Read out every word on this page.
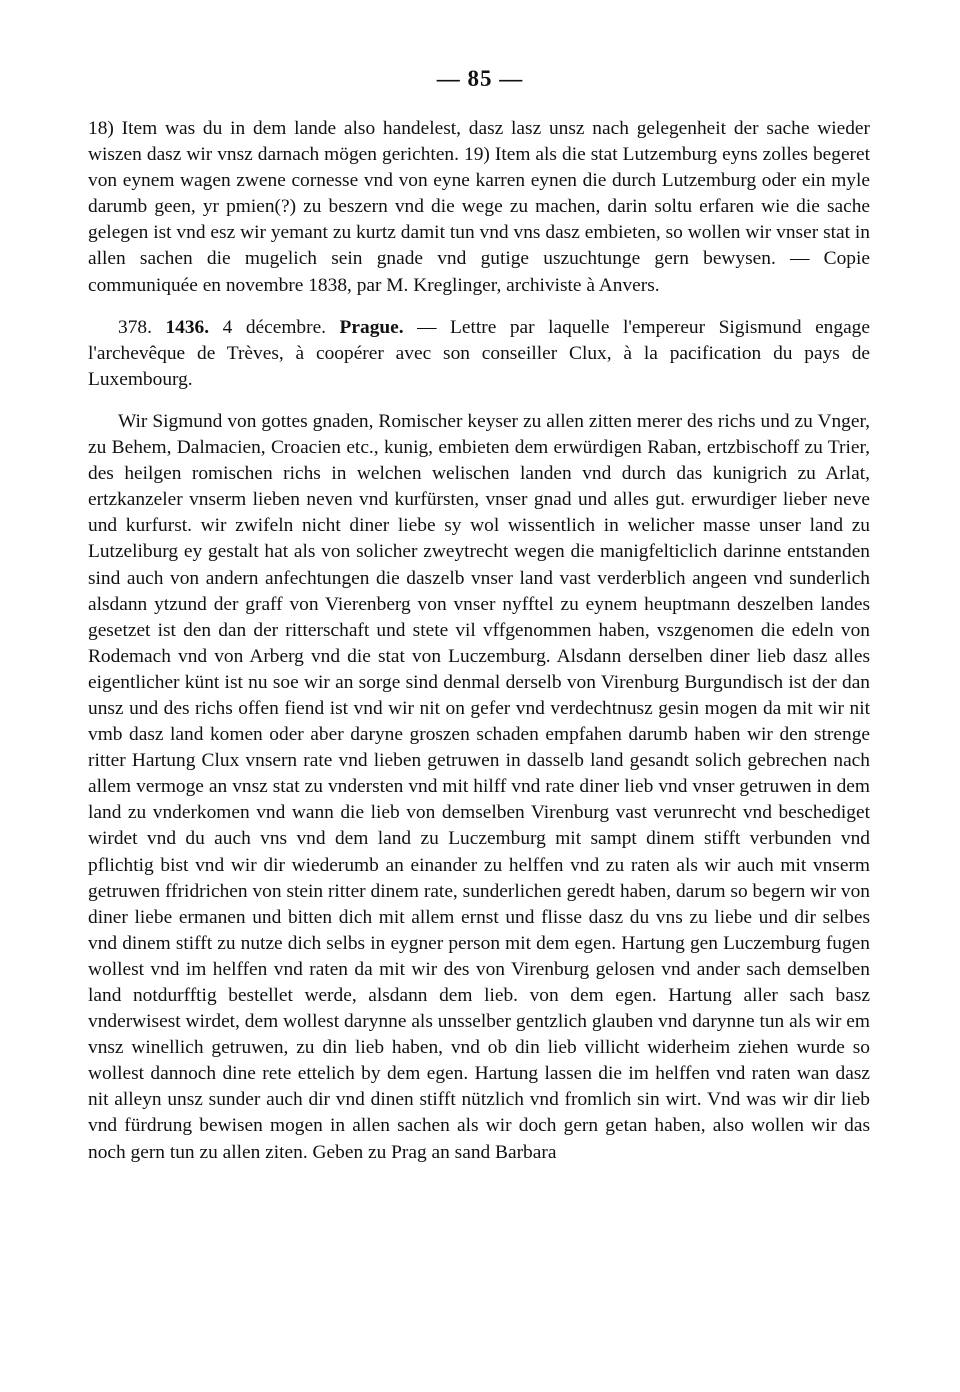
— 85 —

18) Item was du in dem lande also handelest, dasz lasz unsz nach gelegenheit der sache wieder wiszen dasz wir vnsz darnach mögen gerichten. 19) Item als die stat Lutzemburg eyns zolles begeret von eynem wagen zwene cornesse vnd von eyne karren eynen die durch Lutzemburg oder ein myle darumb geen, yr pmien(?) zu beszern vnd die wege zu machen, darin soltu erfaren wie die sache gelegen ist vnd esz wir yemant zu kurtz damit tun vnd vns dasz embieten, so wollen wir vnser stat in allen sachen die mugelich sein gnade vnd gutige uszuchtunge gern bewysen. — Copie communiquée en novembre 1838, par M. Kreglinger, archiviste à Anvers.

378. 1436. 4 décembre. Prague. — Lettre par laquelle l'empereur Sigismund engage l'archevêque de Trèves, à coopérer avec son conseiller Clux, à la pacification du pays de Luxembourg.

Wir Sigmund von gottes gnaden, Romischer keyser zu allen zitten merer des richs und zu Vnger, zu Behem, Dalmacien, Croacien etc., kunig, embieten dem erwürdigen Raban, ertzbischoff zu Trier, des heilgen romischen richs in welchen welischen landen vnd durch das kunigrich zu Arlat, ertzkanzeler vnserm lieben neven vnd kurfürsten, vnser gnad und alles gut. erwurdiger lieber neve und kurfurst. wir zwifeln nicht diner liebe sy wol wissentlich in welicher masse unser land zu Lutzeliburg ey gestalt hat als von solicher zweytrecht wegen die manigfelticlich darinne entstanden sind auch von andern anfechtungen die daszelb vnser land vast verderblich angeen vnd sunderlich alsdann ytzund der graff von Vierenberg von vnser nyfftel zu eynem heuptmann deszelben landes gesetzet ist den dan der ritterschaft und stete vil vffgenommen haben, vszgenomen die edeln von Rodemach vnd von Arberg vnd die stat von Luczemburg. Alsdann derselben diner lieb dasz alles eigentlicher künt ist nu soe wir an sorge sind denmal derselb von Virenburg Burgundisch ist der dan unsz und des richs offen fiend ist vnd wir nit on gefer vnd verdechtnusz gesin mogen da mit wir nit vmb dasz land komen oder aber daryne groszen schaden empfahen darumb haben wir den strenge ritter Hartung Clux vnsern rate vnd lieben getruwen in dasselb land gesandt solich gebrechen nach allem vermoge an vnsz stat zu vndersten vnd mit hilff vnd rate diner lieb vnd vnser getruwen in dem land zu vnderkomen vnd wann die lieb von demselben Virenburg vast verunrecht vnd beschediget wirdet vnd du auch vns vnd dem land zu Luczemburg mit sampt dinem stifft verbunden vnd pflichtig bist vnd wir dir wiederumb an einander zu helffen vnd zu raten als wir auch mit vnserm getruwen ffridrichen von stein ritter dinem rate, sunderlichen geredt haben, darum so begern wir von diner liebe ermanen und bitten dich mit allem ernst und flisse dasz du vns zu liebe und dir selbes vnd dinem stifft zu nutze dich selbs in eygner person mit dem egen. Hartung gen Luczemburg fugen wollest vnd im helffen vnd raten da mit wir des von Virenburg gelosen vnd ander sach demselben land notdurfftig bestellet werde, alsdann dem lieb. von dem egen. Hartung aller sach basz vnderwisest wirdet, dem wollest darynne als unsselber gentzlich glauben vnd darynne tun als wir em vnsz winellich getruwen, zu din lieb haben, vnd ob din lieb villicht widerheim ziehen wurde so wollest dannoch dine rete ettelich by dem egen. Hartung lassen die im helffen vnd raten wan dasz nit alleyn unsz sunder auch dir vnd dinen stifft nützlich vnd fromlich sin wirt. Vnd was wir dir lieb vnd fürdrung bewisen mogen in allen sachen als wir doch gern getan haben, also wollen wir das noch gern tun zu allen ziten. Geben zu Prag an sand Barbara
